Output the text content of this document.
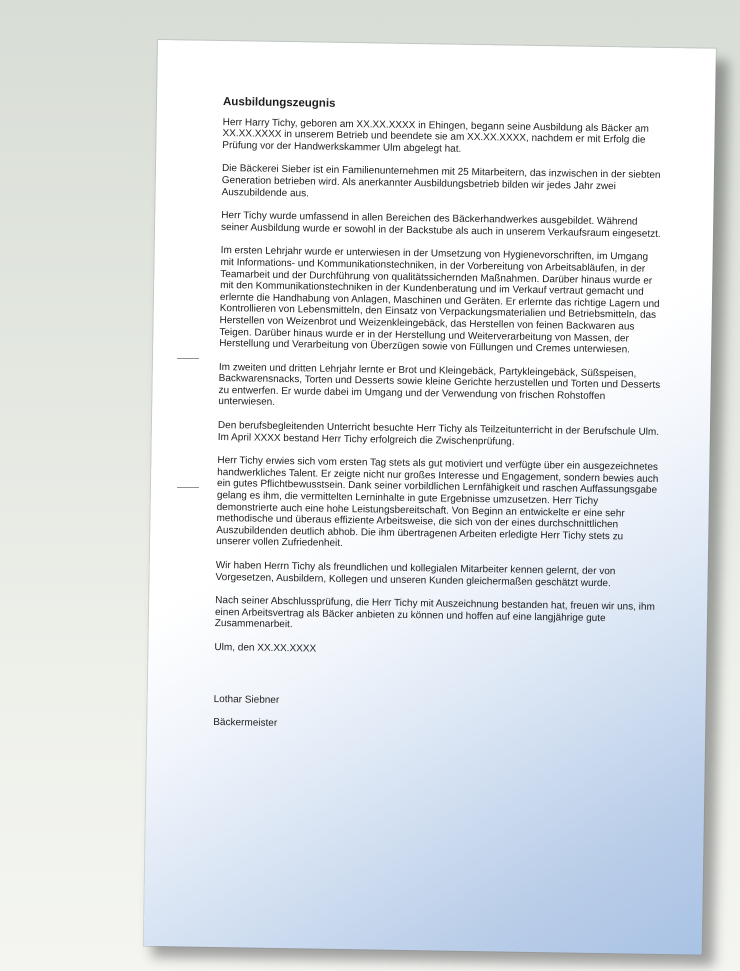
Ausbildungszeugnis

Herr Harry Tichy, geboren am XX.XX.XXXX in Ehingen, begann seine Ausbildung als Bäcker am XX.XX.XXXX in unserem Betrieb und beendete sie am XX.XX.XXXX, nachdem er mit Erfolg die Prüfung vor der Handwerkskammer Ulm abgelegt hat.

Die Bäckerei Sieber ist ein Familienunternehmen mit 25 Mitarbeitern, das inzwischen in der siebten Generation betrieben wird. Als anerkannter Ausbildungsbetrieb bilden wir jedes Jahr zwei Auszubildende aus.

Herr Tichy wurde umfassend in allen Bereichen des Bäckerhandwerkes ausgebildet. Während seiner Ausbildung wurde er sowohl in der Backstube als auch in unserem Verkaufsraum eingesetzt.

Im ersten Lehrjahr wurde er unterwiesen in der Umsetzung von Hygienevorschriften, im Umgang mit Informations- und Kommunikationstechniken, in der Vorbereitung von Arbeitsabläufen, in der Teamarbeit und der Durchführung von qualitätssichernden Maßnahmen. Darüber hinaus wurde er mit den Kommunikationstechniken in der Kundenberatung und im Verkauf vertraut gemacht und erlernte die Handhabung von Anlagen, Maschinen und Geräten. Er erlernte das richtige Lagern und Kontrollieren von Lebensmitteln, den Einsatz von Verpackungsmaterialien und Betriebsmitteln, das Herstellen von Weizenbrot und Weizenkleingebäck, das Herstellen von feinen Backwaren aus Teigen. Darüber hinaus wurde er in der Herstellung und Weiterverarbeitung von Massen, der Herstellung und Verarbeitung von Überzügen sowie von Füllungen und Cremes unterwiesen.

Im zweiten und dritten Lehrjahr lernte er Brot und Kleingebäck, Partykleingebäck, Süßspeisen, Backwarensnacks, Torten und Desserts sowie kleine Gerichte herzustellen und Torten und Desserts zu entwerfen. Er wurde dabei im Umgang und der Verwendung von frischen Rohstoffen unterwiesen.

Den berufsbegleitenden Unterricht besuchte Herr Tichy als Teilzeitunterricht in der Berufschule Ulm. Im April XXXX bestand Herr Tichy erfolgreich die Zwischenprüfung.

Herr Tichy erwies sich vom ersten Tag stets als gut motiviert und verfügte über ein ausgezeichnetes handwerkliches Talent. Er zeigte nicht nur großes Interesse und Engagement, sondern bewies auch ein gutes Pflichtbewusstsein. Dank seiner vorbildlichen Lernfähigkeit und raschen Auffassungsgabe gelang es ihm, die vermittelten Lerninhalte in gute Ergebnisse umzusetzen. Herr Tichy demonstrierte auch eine hohe Leistungsbereitschaft. Von Beginn an entwickelte er eine sehr methodische und überaus effiziente Arbeitsweise, die sich von der eines durchschnittlichen Auszubildenden deutlich abhob. Die ihm übertragenen Arbeiten erledigte Herr Tichy stets zu unserer vollen Zufriedenheit.

Wir haben Herrn Tichy als freundlichen und kollegialen Mitarbeiter kennen gelernt, der von Vorgesetzen, Ausbildern, Kollegen und unseren Kunden gleichermaßen geschätzt wurde.

Nach seiner Abschlussprüfung, die Herr Tichy mit Auszeichnung bestanden hat, freuen wir uns, ihm einen Arbeitsvertrag als Bäcker anbieten zu können und hoffen auf eine langjährige gute Zusammenarbeit.

Ulm, den XX.XX.XXXX

Lothar Siebner

Bäckermeister
